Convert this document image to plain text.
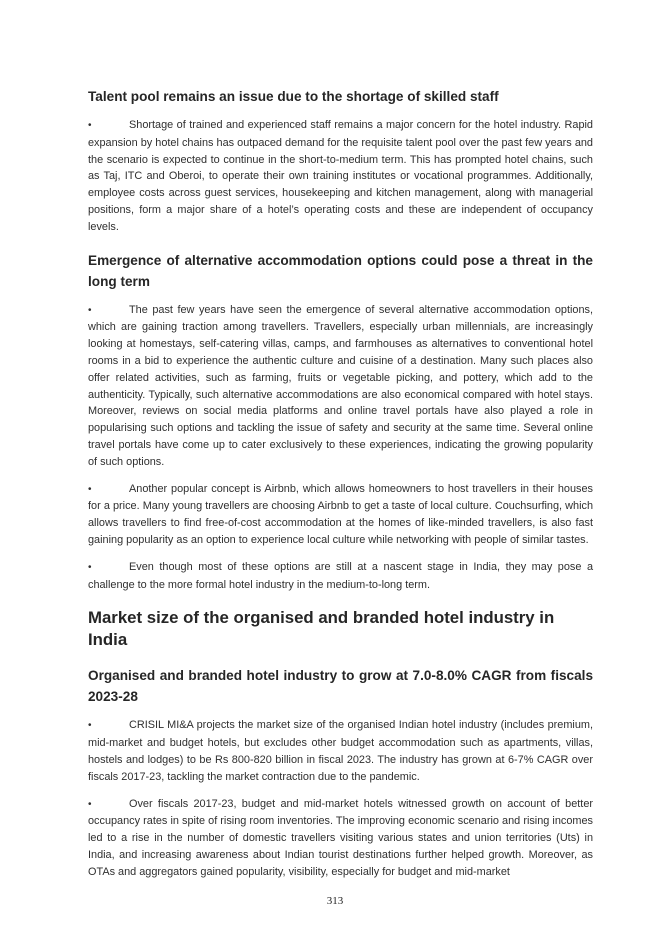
Talent pool remains an issue due to the shortage of skilled staff

•	Shortage of trained and experienced staff remains a major concern for the hotel industry. Rapid expansion by hotel chains has outpaced demand for the requisite talent pool over the past few years and the scenario is expected to continue in the short-to-medium term. This has prompted hotel chains, such as Taj, ITC and Oberoi, to operate their own training institutes or vocational programmes. Additionally, employee costs across guest services, housekeeping and kitchen management, along with managerial positions, form a major share of a hotel’s operating costs and these are independent of occupancy levels.

Emergence of alternative accommodation options could pose a threat in the long term

•	The past few years have seen the emergence of several alternative accommodation options, which are gaining traction among travellers. Travellers, especially urban millennials, are increasingly looking at homestays, self-catering villas, camps, and farmhouses as alternatives to conventional hotel rooms in a bid to experience the authentic culture and cuisine of a destination. Many such places also offer related activities, such as farming, fruits or vegetable picking, and pottery, which add to the authenticity. Typically, such alternative accommodations are also economical compared with hotel stays. Moreover, reviews on social media platforms and online travel portals have also played a role in popularising such options and tackling the issue of safety and security at the same time. Several online travel portals have come up to cater exclusively to these experiences, indicating the growing popularity of such options.

•	Another popular concept is Airbnb, which allows homeowners to host travellers in their houses for a price. Many young travellers are choosing Airbnb to get a taste of local culture. Couchsurfing, which allows travellers to find free-of-cost accommodation at the homes of like-minded travellers, is also fast gaining popularity as an option to experience local culture while networking with people of similar tastes.

•	Even though most of these options are still at a nascent stage in India, they may pose a challenge to the more formal hotel industry in the medium-to-long term.

Market size of the organised and branded hotel industry in India
Organised and branded hotel industry to grow at 7.0-8.0% CAGR from fiscals 2023-28

•	CRISIL MI&A projects the market size of the organised Indian hotel industry (includes premium, mid-market and budget hotels, but excludes other budget accommodation such as apartments, villas, hostels and lodges) to be Rs 800-820 billion in fiscal 2023. The industry has grown at 6-7% CAGR over fiscals 2017-23, tackling the market contraction due to the pandemic.

•	Over fiscals 2017-23, budget and mid-market hotels witnessed growth on account of better occupancy rates in spite of rising room inventories. The improving economic scenario and rising incomes led to a rise in the number of domestic travellers visiting various states and union territories (Uts) in India, and increasing awareness about Indian tourist destinations further helped growth. Moreover, as OTAs and aggregators gained popularity, visibility, especially for budget and mid-market

313
